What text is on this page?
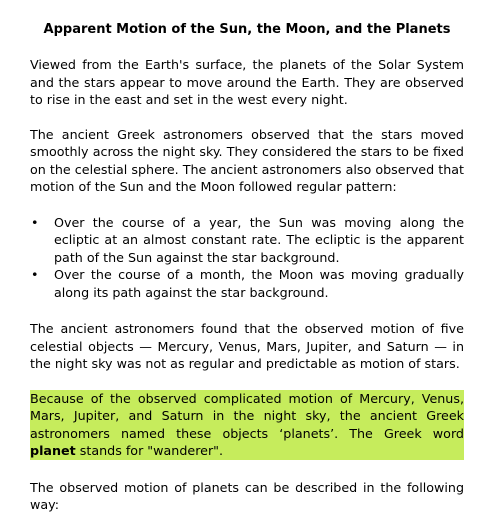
Apparent Motion of the Sun, the Moon, and the Planets

Viewed from the Earth's surface, the planets of the Solar System and the stars appear to move around the Earth. They are observed to rise in the east and set in the west every night.

The ancient Greek astronomers observed that the stars moved smoothly across the night sky. They considered the stars to be fixed on the celestial sphere. The ancient astronomers also observed that motion of the Sun and the Moon followed regular pattern:

• Over the course of a year, the Sun was moving along the ecliptic at an almost constant rate. The ecliptic is the apparent path of the Sun against the star background.
• Over the course of a month, the Moon was moving gradually along its path against the star background.

The ancient astronomers found that the observed motion of five celestial objects — Mercury, Venus, Mars, Jupiter, and Saturn — in the night sky was not as regular and predictable as motion of stars.

Because of the observed complicated motion of Mercury, Venus, Mars, Jupiter, and Saturn in the night sky, the ancient Greek astronomers named these objects ‘planets’. The Greek word planet stands for "wanderer".

The observed motion of planets can be described in the following way:
